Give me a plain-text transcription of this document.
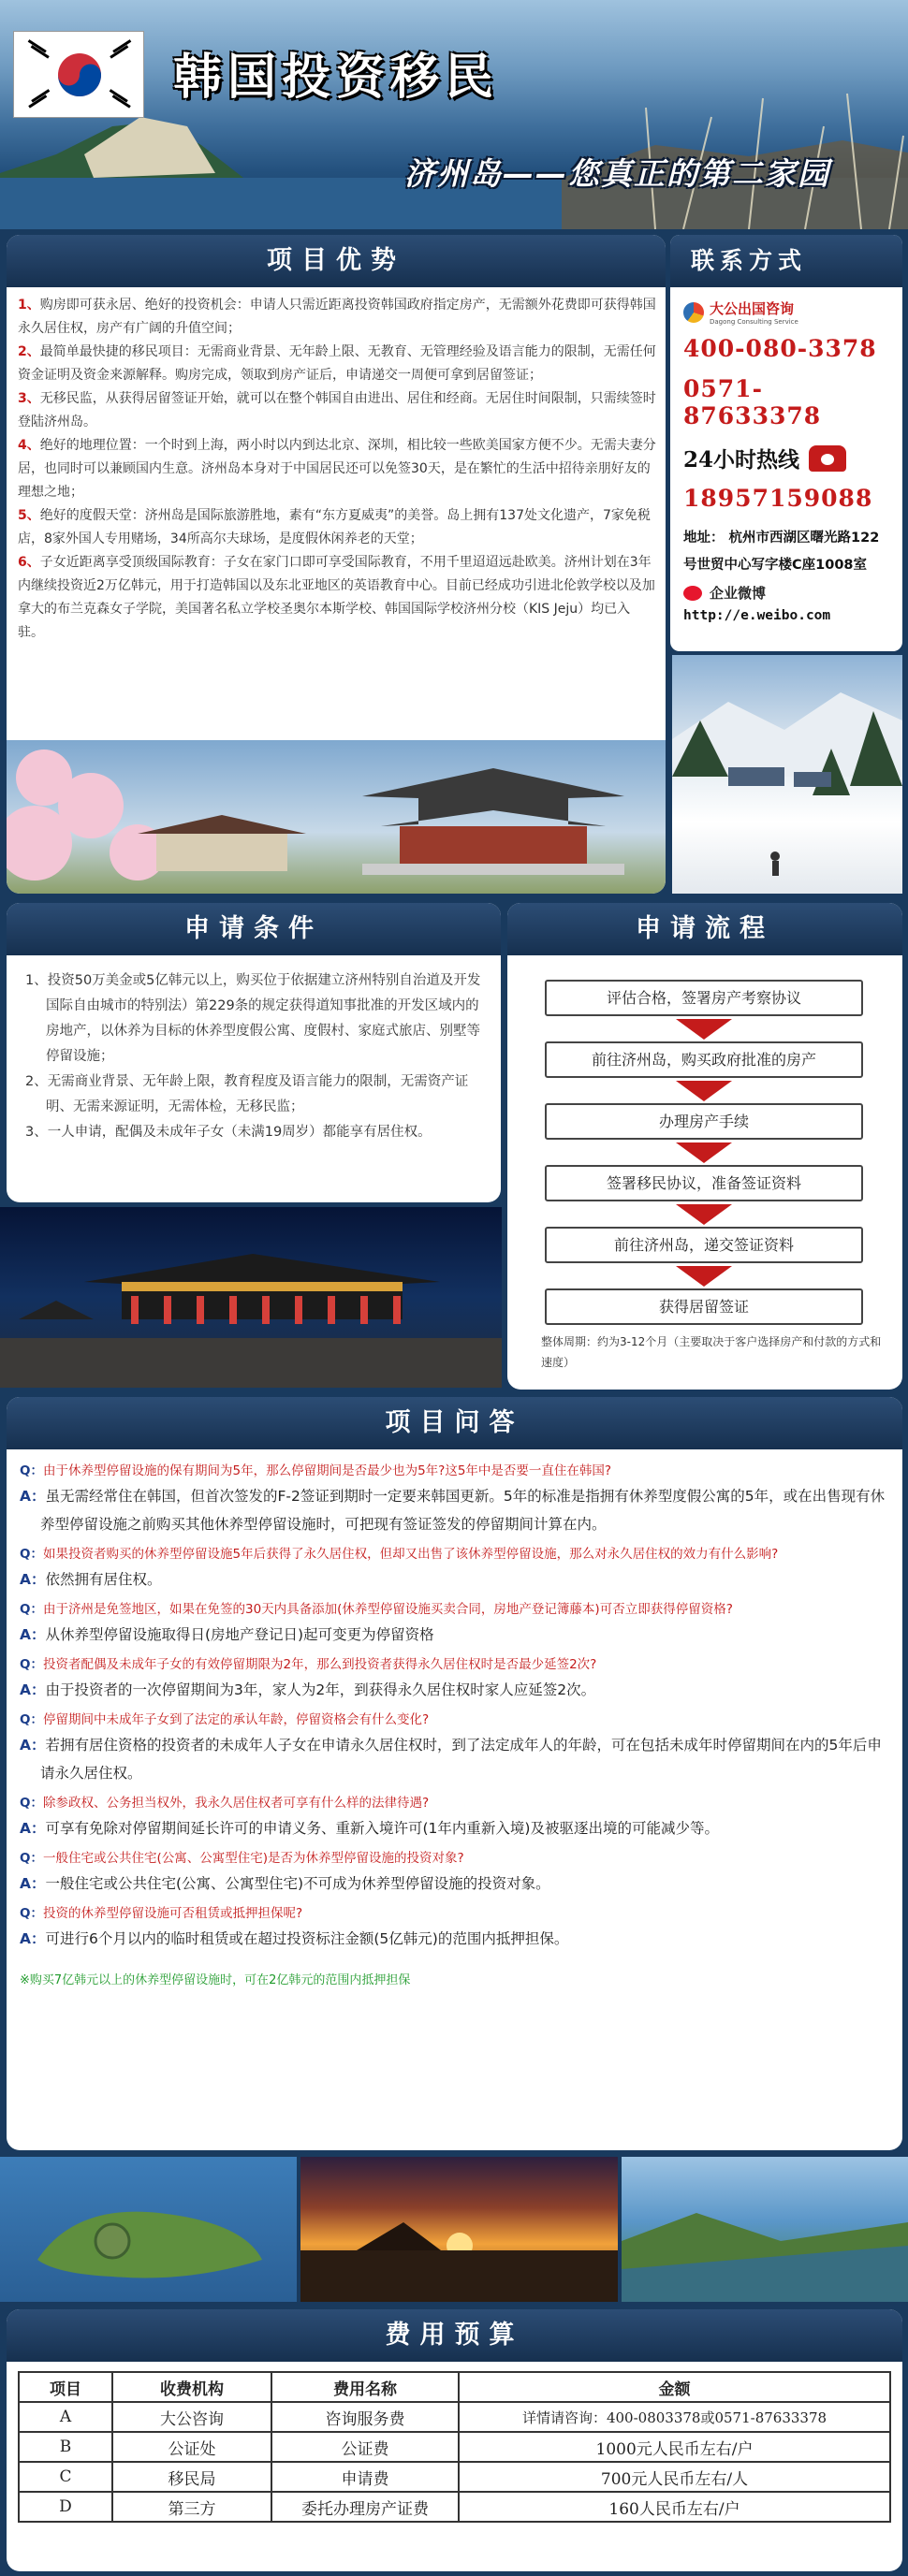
韩国投资移民
济州岛——您真正的第二家园
项目优势

1、购房即可获永居、绝好的投资机会：申请人只需近距离投资韩国政府指定房产，无需额外花费即可获得韩国永久居住权，房产有广阔的升值空间；

2、最简单最快捷的移民项目：无需商业背景、无年龄上限、无教育、无管理经验及语言能力的限制，无需任何资金证明及资金来源解释。购房完成，领取到房产证后，申请递交一周便可拿到居留签证；

3、无移民监，从获得居留签证开始，就可以在整个韩国自由进出、居住和经商。无居住时间限制，只需续签时登陆济州岛。

4、绝好的地理位置：一个时到上海，两小时以内到达北京、深圳，相比较一些欧美国家方便不少。无需夫妻分居，也同时可以兼顾国内生意。济州岛本身对于中国居民还可以免签30天，是在繁忙的生活中招待亲朋好友的理想之地；

5、绝好的度假天堂：济州岛是国际旅游胜地，素有“东方夏威夷”的美誉。岛上拥有137处文化遗产，7家免税店，8家外国人专用赌场，34所高尔夫球场，是度假休闲养老的天堂；

6、子女近距离享受顶级国际教育：子女在家门口即可享受国际教育，不用千里迢迢远赴欧美。济州计划在3年内继续投资近2万亿韩元，用于打造韩国以及东北亚地区的英语教育中心。目前已经成功引进北伦敦学校以及加拿大的布兰克森女子学院，美国著名私立学校圣奥尔本斯学校、韩国国际学校济州分校（KIS Jeju）均已入驻。

联系方式
大公出国咨询
Dagong Consulting Service
400-080-3378
0571-87633378
24小时热线
18957159088
地址： 杭州市西湖区曙光路122号世贸中心写字楼C座1008室
企业微博
http://e.weibo.com
申请条件

1、投资50万美金或5亿韩元以上，购买位于依据建立济州特别自治道及开发国际自由城市的特别法）第229条的规定获得道知事批准的开发区域内的房地产，以休养为目标的休养型度假公寓、度假村、家庭式旅店、别墅等停留设施；

2、无需商业背景、无年龄上限，教育程度及语言能力的限制，无需资产证明、无需来源证明，无需体检，无移民监；

3、一人申请，配偶及未成年子女（未满19周岁）都能享有居住权。

申请流程
评估合格，签署房产考察协议
前往济州岛，购买政府批准的房产
办理房产手续
签署移民协议，准备签证资料
前往济州岛，递交签证资料
获得居留签证
整体周期：约为3-12个月（主要取决于客户选择房产和付款的方式和速度）
项目问答
Q：由于休养型停留设施的保有期间为5年，那么停留期间是否最少也为5年?这5年中是否要一直住在韩国?
A：虽无需经常住在韩国，但首次签发的F-2签证到期时一定要来韩国更新。5年的标准是指拥有休养型度假公寓的5年，或在出售现有休养型停留设施之前购买其他休养型停留设施时，可把现有签证签发的停留期间计算在内。
Q：如果投资者购买的休养型停留设施5年后获得了永久居住权，但却又出售了该休养型停留设施，那么对永久居住权的效力有什么影响?
A：依然拥有居住权。
Q：由于济州是免签地区，如果在免签的30天内具备添加(休养型停留设施买卖合同，房地产登记簿藤本)可否立即获得停留资格?
A：从休养型停留设施取得日(房地产登记日)起可变更为停留资格
Q：投资者配偶及未成年子女的有效停留期限为2年，那么到投资者获得永久居住权时是否最少延签2次?
A：由于投资者的一次停留期间为3年，家人为2年，到获得永久居住权时家人应延签2次。
Q：停留期间中未成年子女到了法定的承认年龄，停留资格会有什么变化?
A：若拥有居住资格的投资者的未成年人子女在申请永久居住权时，到了法定成年人的年龄，可在包括未成年时停留期间在内的5年后申请永久居住权。
Q：除参政权、公务担当权外，我永久居住权者可享有什么样的法律待遇?
A：可享有免除对停留期间延长许可的申请义务、重新入境许可(1年内重新入境)及被驱逐出境的可能减少等。
Q：一般住宅或公共住宅(公寓、公寓型住宅)是否为休养型停留设施的投资对象?
A：一般住宅或公共住宅(公寓、公寓型住宅)不可成为休养型停留设施的投资对象。
Q：投资的休养型停留设施可否租赁或抵押担保呢?
A：可进行6个月以内的临时租赁或在超过投资标注金额(5亿韩元)的范围内抵押担保。
※购买7亿韩元以上的休养型停留设施时，可在2亿韩元的范围内抵押担保
费用预算
项目	收费机构	费用名称	金额
A	大公咨询	咨询服务费	详情请咨询：400-0803378或0571-87633378
B	公证处	公证费	1000元人民币左右/户
C	移民局	申请费	700元人民币左右/人
D	第三方	委托办理房产证费	160人民币左右/户
